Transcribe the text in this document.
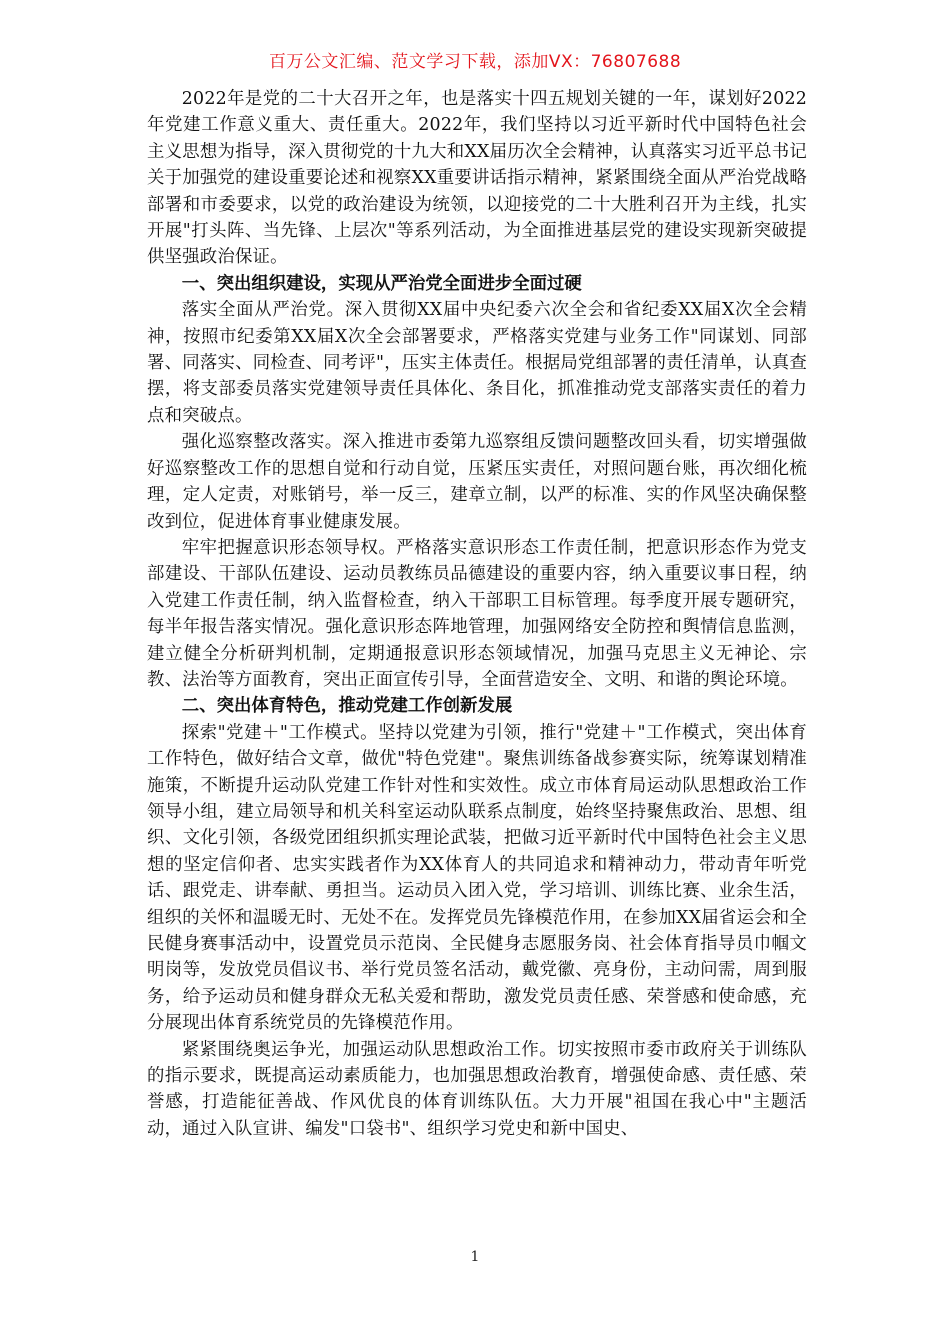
百万公文汇编、范文学习下载，添加VX：76807688

2022年是党的二十大召开之年，也是落实十四五规划关键的一年，谋划好2022年党建工作意义重大、责任重大。2022年，我们坚持以习近平新时代中国特色社会主义思想为指导，深入贯彻党的十九大和XX届历次全会精神，认真落实习近平总书记关于加强党的建设重要论述和视察XX重要讲话指示精神，紧紧围绕全面从严治党战略部署和市委要求，以党的政治建设为统领，以迎接党的二十大胜利召开为主线，扎实开展"打头阵、当先锋、上层次"等系列活动，为全面推进基层党的建设实现新突破提供坚强政治保证。

一、突出组织建设，实现从严治党全面进步全面过硬

落实全面从严治党。深入贯彻XX届中央纪委六次全会和省纪委XX届X次全会精神，按照市纪委第XX届X次全会部署要求，严格落实党建与业务工作"同谋划、同部署、同落实、同检查、同考评"，压实主体责任。根据局党组部署的责任清单，认真查摆，将支部委员落实党建领导责任具体化、条目化，抓准推动党支部落实责任的着力点和突破点。

强化巡察整改落实。深入推进市委第九巡察组反馈问题整改回头看，切实增强做好巡察整改工作的思想自觉和行动自觉，压紧压实责任，对照问题台账，再次细化梳理，定人定责，对账销号，举一反三，建章立制，以严的标准、实的作风坚决确保整改到位，促进体育事业健康发展。

牢牢把握意识形态领导权。严格落实意识形态工作责任制，把意识形态作为党支部建设、干部队伍建设、运动员教练员品德建设的重要内容，纳入重要议事日程，纳入党建工作责任制，纳入监督检查，纳入干部职工目标管理。每季度开展专题研究，每半年报告落实情况。强化意识形态阵地管理，加强网络安全防控和舆情信息监测，建立健全分析研判机制，定期通报意识形态领域情况，加强马克思主义无神论、宗教、法治等方面教育，突出正面宣传引导，全面营造安全、文明、和谐的舆论环境。

二、突出体育特色，推动党建工作创新发展

探索"党建＋"工作模式。坚持以党建为引领，推行"党建＋"工作模式，突出体育工作特色，做好结合文章，做优"特色党建"。聚焦训练备战参赛实际，统筹谋划精准施策，不断提升运动队党建工作针对性和实效性。成立市体育局运动队思想政治工作领导小组，建立局领导和机关科室运动队联系点制度，始终坚持聚焦政治、思想、组织、文化引领，各级党团组织抓实理论武装，把做习近平新时代中国特色社会主义思想的坚定信仰者、忠实实践者作为XX体育人的共同追求和精神动力，带动青年听党话、跟党走、讲奉献、勇担当。运动员入团入党，学习培训、训练比赛、业余生活，组织的关怀和温暖无时、无处不在。发挥党员先锋模范作用，在参加XX届省运会和全民健身赛事活动中，设置党员示范岗、全民健身志愿服务岗、社会体育指导员巾帼文明岗等，发放党员倡议书、举行党员签名活动，戴党徽、亮身份，主动问需，周到服务，给予运动员和健身群众无私关爱和帮助，激发党员责任感、荣誉感和使命感，充分展现出体育系统党员的先锋模范作用。

紧紧围绕奥运争光，加强运动队思想政治工作。切实按照市委市政府关于训练队的指示要求，既提高运动素质能力，也加强思想政治教育，增强使命感、责任感、荣誉感，打造能征善战、作风优良的体育训练队伍。大力开展"祖国在我心中"主题活动，通过入队宣讲、编发"口袋书"、组织学习党史和新中国史、

1
